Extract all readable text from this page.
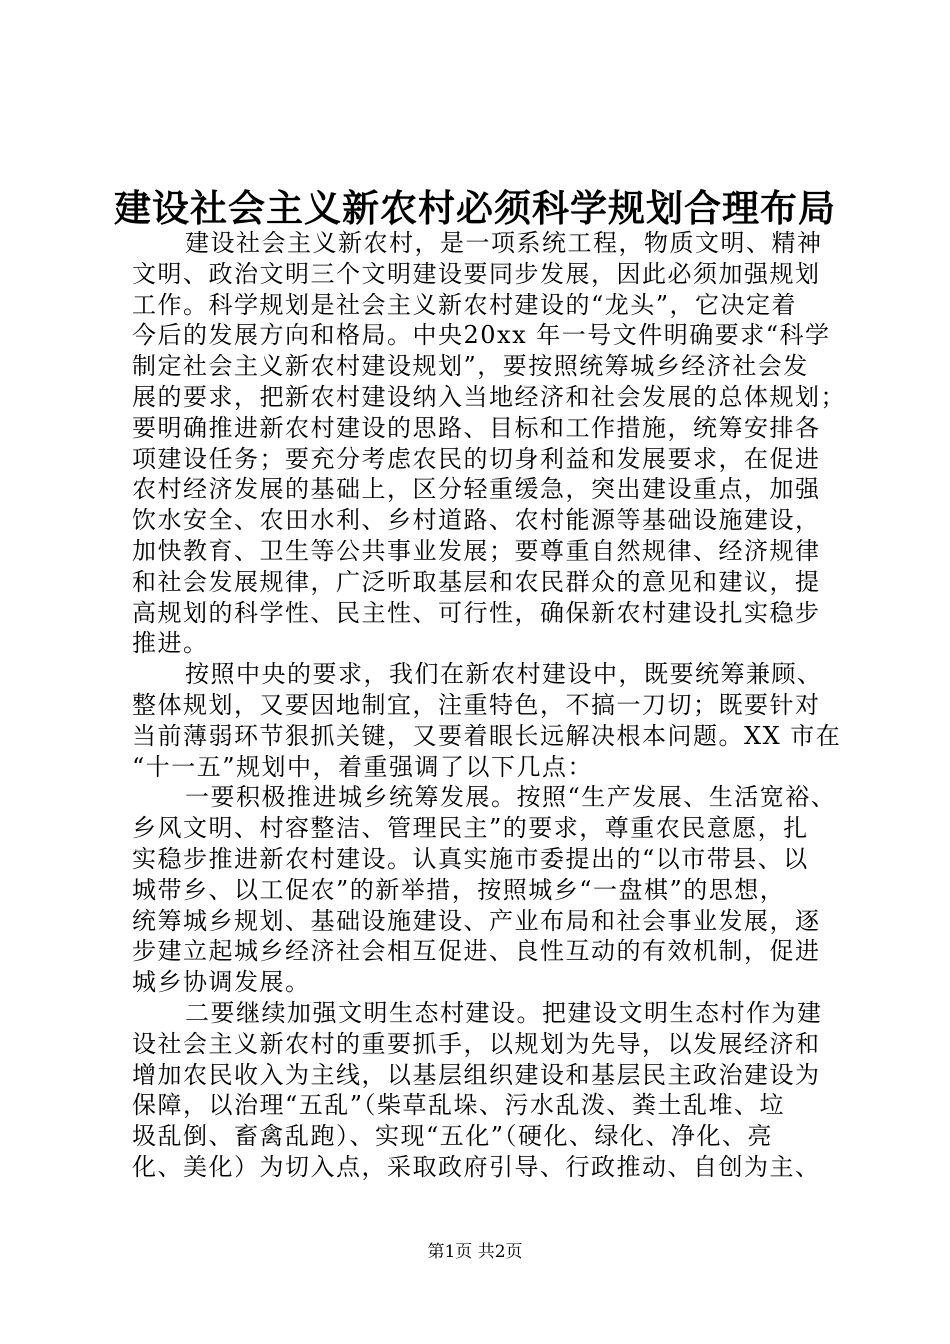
建设社会主义新农村必须科学规划合理布局

建设社会主义新农村，是一项系统工程，物质文明、精神
文明、政治文明三个文明建设要同步发展，因此必须加强规划
工作。科学规划是社会主义新农村建设的“龙头”，它决定着
今后的发展方向和格局。中央20xx 年一号文件明确要求“科学
制定社会主义新农村建设规划”，要按照统筹城乡经济社会发
展的要求，把新农村建设纳入当地经济和社会发展的总体规划；
要明确推进新农村建设的思路、目标和工作措施，统筹安排各
项建设任务；要充分考虑农民的切身利益和发展要求，在促进
农村经济发展的基础上，区分轻重缓急，突出建设重点，加强
饮水安全、农田水利、乡村道路、农村能源等基础设施建设，
加快教育、卫生等公共事业发展；要尊重自然规律、经济规律
和社会发展规律，广泛听取基层和农民群众的意见和建议，提
高规划的科学性、民主性、可行性，确保新农村建设扎实稳步
推进。

按照中央的要求，我们在新农村建设中，既要统筹兼顾、
整体规划，又要因地制宜，注重特色，不搞一刀切；既要针对
当前薄弱环节狠抓关键，又要着眼长远解决根本问题。XX 市在
“十一五”规划中，着重强调了以下几点：

一要积极推进城乡统筹发展。按照“生产发展、生活宽裕、
乡风文明、村容整洁、管理民主”的要求，尊重农民意愿，扎
实稳步推进新农村建设。认真实施市委提出的“以市带县、以
城带乡、以工促农”的新举措，按照城乡“一盘棋”的思想，
统筹城乡规划、基础设施建设、产业布局和社会事业发展，逐
步建立起城乡经济社会相互促进、良性互动的有效机制，促进
城乡协调发展。

二要继续加强文明生态村建设。把建设文明生态村作为建
设社会主义新农村的重要抓手，以规划为先导，以发展经济和
增加农民收入为主线，以基层组织建设和基层民主政治建设为
保障，以治理“五乱”（柴草乱垛、污水乱泼、粪土乱堆、垃
圾乱倒、畜禽乱跑）、实现“五化”（硬化、绿化、净化、亮
化、美化）为切入点，采取政府引导、行政推动、自创为主、

第1页 共2页
